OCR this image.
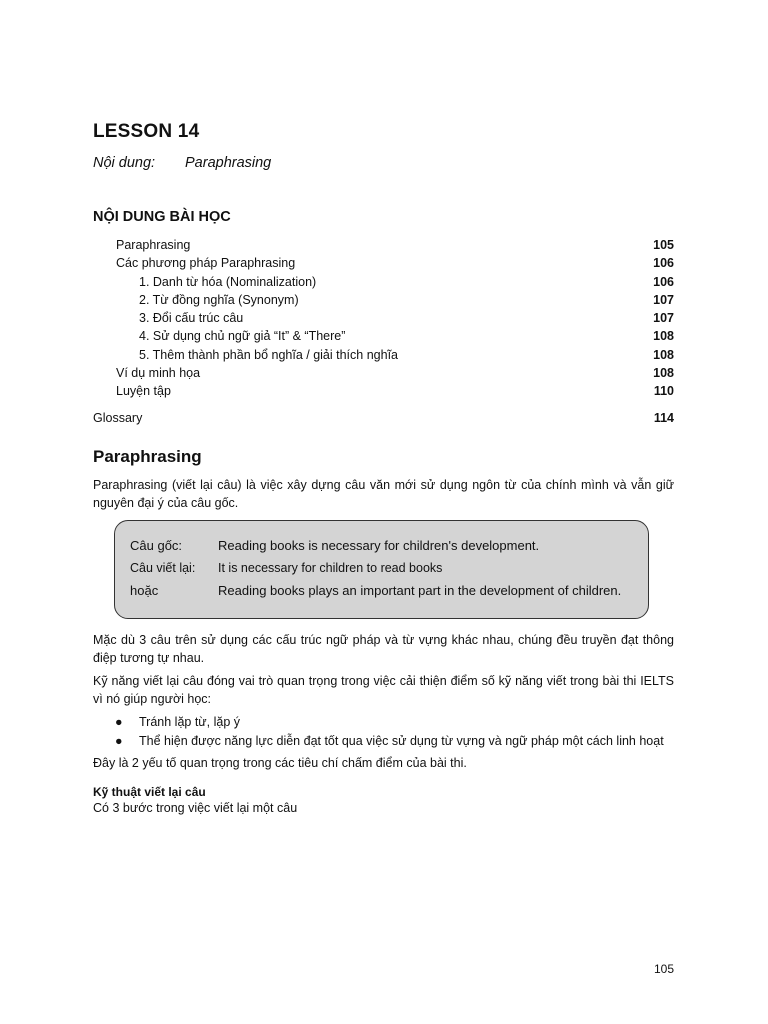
LESSON 14
Nội dung: Paraphrasing
NỘI DUNG BÀI HỌC
Paraphrasing	105
Các phương pháp Paraphrasing	106
1. Danh từ hóa (Nominalization)	106
2. Từ đồng nghĩa (Synonym)	107
3. Đổi cấu trúc câu	107
4. Sử dụng chủ ngữ giả “It” & “There”	108
5. Thêm thành phần bổ nghĩa / giải thích nghĩa	108
Ví dụ minh họa	108
Luyện tập	110
Glossary	114
Paraphrasing

Paraphrasing (viết lại câu) là việc xây dựng câu văn mới sử dụng ngôn từ của chính mình và vẫn giữ nguyên đại ý của câu gốc.

Câu gốc:	Reading books is necessary for children's development.
Câu viết lại: It is necessary for children to read books
hoặc	Reading books plays an important part in the development of children.

Mặc dù 3 câu trên sử dụng các cấu trúc ngữ pháp và từ vựng khác nhau, chúng đều truyền đạt thông điệp tương tự nhau.

Kỹ năng viết lại câu đóng vai trò quan trọng trong việc cải thiện điểm số kỹ năng viết trong bài thi IELTS vì nó giúp người học:

● Tránh lặp từ, lặp ý
● Thể hiện được năng lực diễn đạt tốt qua việc sử dụng từ vựng và ngữ pháp một cách linh hoạt

Đây là 2 yếu tố quan trọng trong các tiêu chí chấm điểm của bài thi.

Kỹ thuật viết lại câu

Có 3 bước trong việc viết lại một câu

105
